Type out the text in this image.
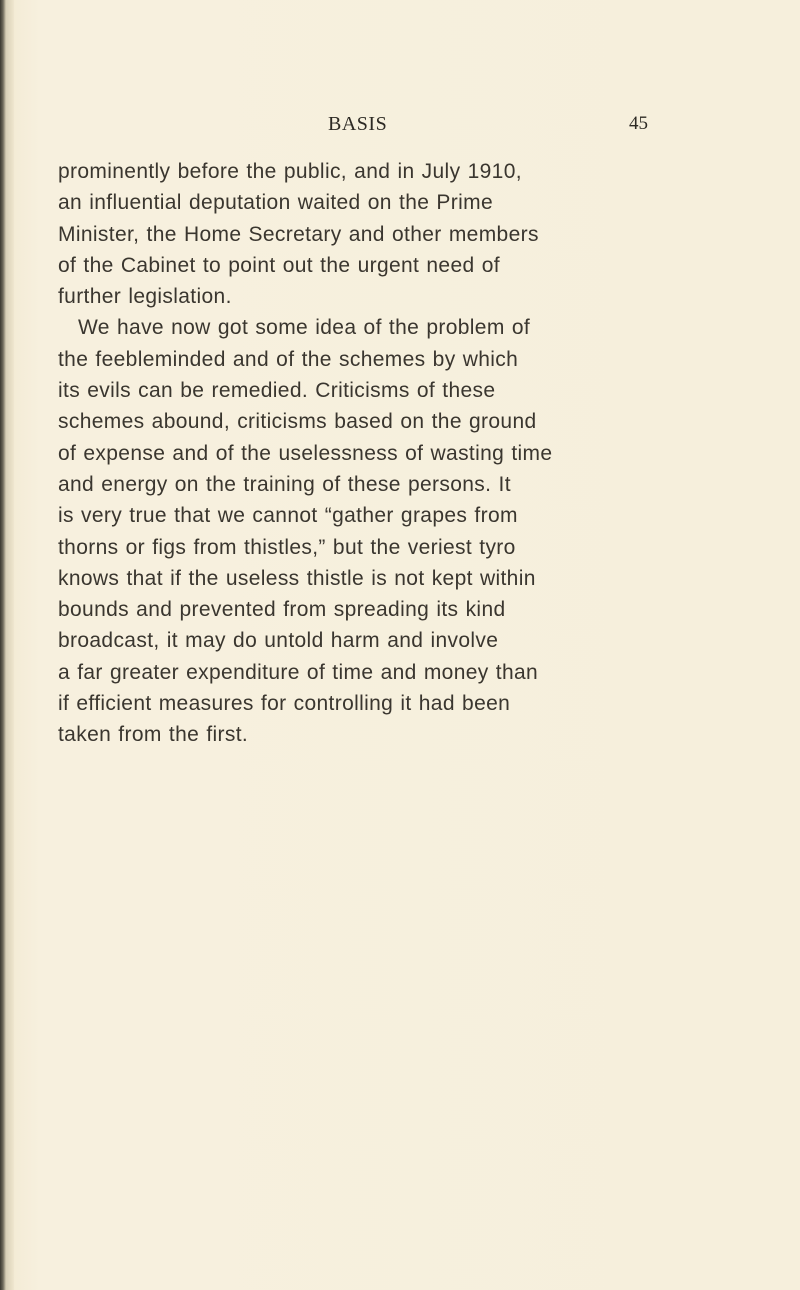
BASIS	45
prominently before the public, and in July 1910,
an influential deputation waited on the Prime
Minister, the Home Secretary and other members
of the Cabinet to point out the urgent need of
further legislation.
We have now got some idea of the problem of
the feebleminded and of the schemes by which
its evils can be remedied. Criticisms of these
schemes abound, criticisms based on the ground
of expense and of the uselessness of wasting time
and energy on the training of these persons. It
is very true that we cannot “gather grapes from
thorns or figs from thistles,” but the veriest tyro
knows that if the useless thistle is not kept within
bounds and prevented from spreading its kind
broadcast, it may do untold harm and involve
a far greater expenditure of time and money than
if efficient measures for controlling it had been
taken from the first.
